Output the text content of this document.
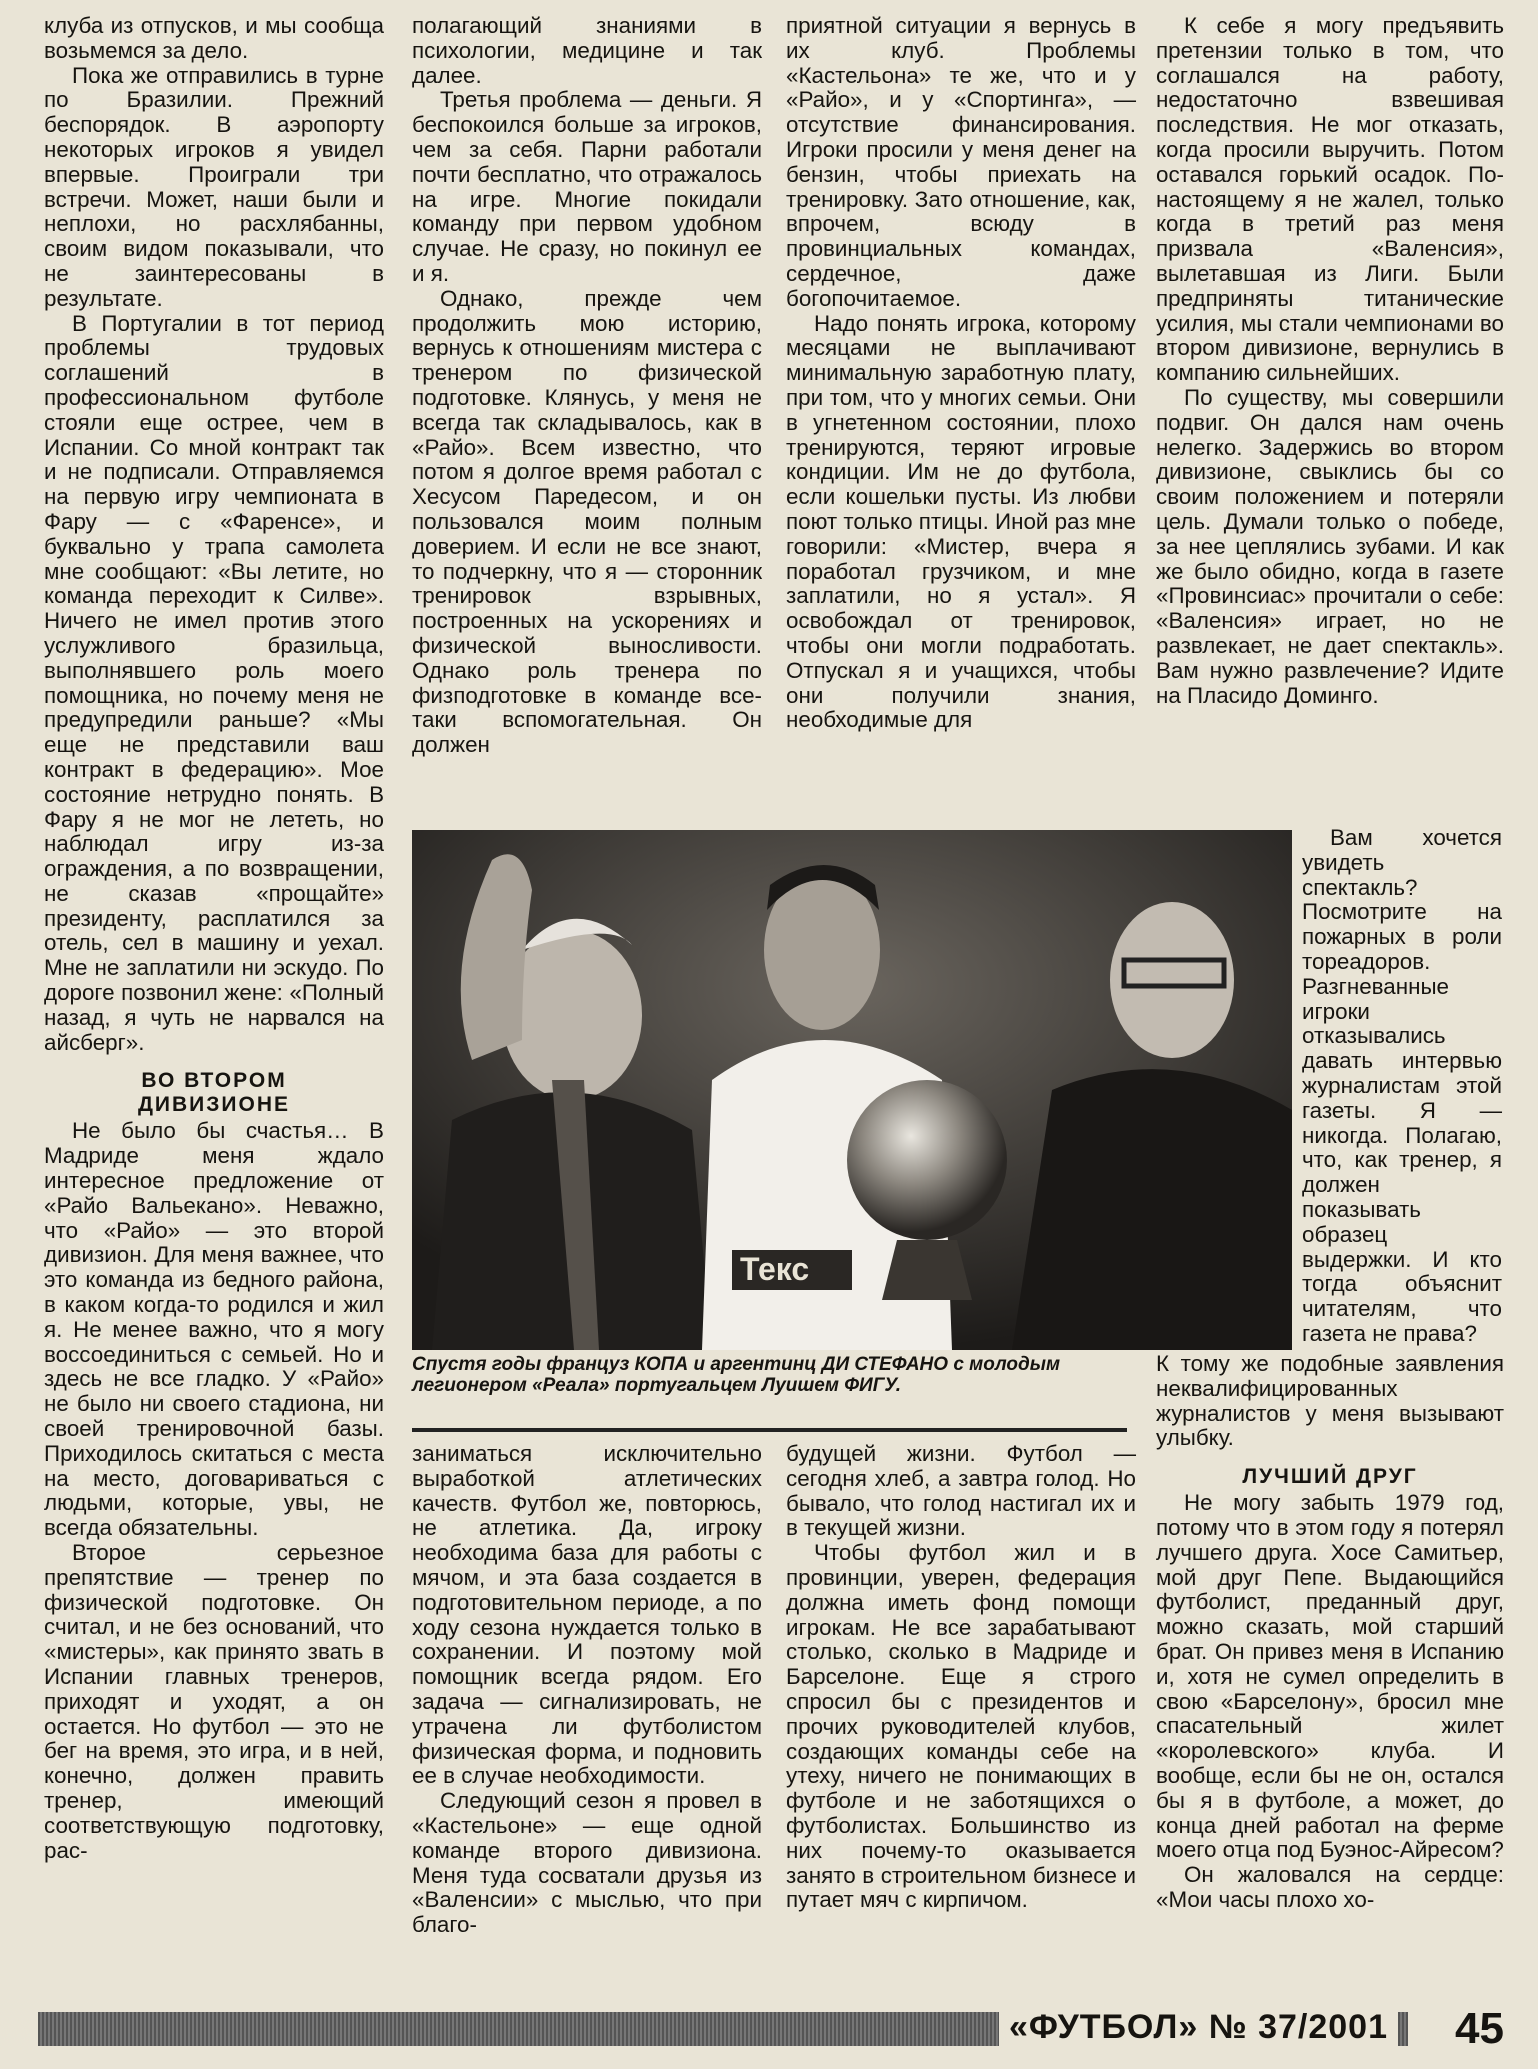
клуба из отпусков, и мы сообща возьмемся за дело.

Пока же отправились в турне по Бразилии. Прежний беспорядок. В аэропорту некоторых игроков я увидел впервые. Проиграли три встречи. Может, наши были и неплохи, но расхлябанны, своим видом показывали, что не заинтересованы в результате.

В Португалии в тот период проблемы трудовых соглашений в профессиональном футболе стояли еще острее, чем в Испании. Со мной контракт так и не подписали. Отправляемся на первую игру чемпионата в Фару — с «Фаренсе», и буквально у трапа самолета мне сообщают: «Вы летите, но команда переходит к Силве». Ничего не имел против этого услужливого бразильца, выполнявшего роль моего помощника, но почему меня не предупредили раньше? «Мы еще не представили ваш контракт в федерацию». Мое состояние нетрудно понять. В Фару я не мог не лететь, но наблюдал игру из-за ограждения, а по возвращении, не сказав «прощайте» президенту, расплатился за отель, сел в машину и уехал. Мне не заплатили ни эскудо. По дороге позвонил жене: «Полный назад, я чуть не нарвался на айсберг».

ВО ВТОРОМ
ДИВИЗИОНЕ

Не было бы счастья… В Мадриде меня ждало интересное предложение от «Райо Вальекано». Неважно, что «Райо» — это второй дивизион. Для меня важнее, что это команда из бедного района, в каком когда-то родился и жил я. Не менее важно, что я могу воссоединиться с семьей. Но и здесь не все гладко. У «Райо» не было ни своего стадиона, ни своей тренировочной базы. Приходилось скитаться с места на место, договариваться с людьми, которые, увы, не всегда обязательны.

Второе серьезное препятствие — тренер по физической подготовке. Он считал, и не без оснований, что «мистеры», как принято звать в Испании главных тренеров, приходят и уходят, а он остается. Но футбол — это не бег на время, это игра, и в ней, конечно, должен править тренер, имеющий соответствующую подготовку, рас-

полагающий знаниями в психологии, медицине и так далее.

Третья проблема — деньги. Я беспокоился больше за игроков, чем за себя. Парни работали почти бесплатно, что отражалось на игре. Многие покидали команду при первом удобном случае. Не сразу, но покинул ее и я.

Однако, прежде чем продолжить мою историю, вернусь к отношениям мистера с тренером по физической подготовке. Клянусь, у меня не всегда так складывалось, как в «Райо». Всем известно, что потом я долгое время работал с Хесусом Паредесом, и он пользовался моим полным доверием. И если не все знают, то подчеркну, что я — сторонник тренировок взрывных, построенных на ускорениях и физической выносливости. Однако роль тренера по физподготовке в команде все-таки вспомогательная. Он должен

приятной ситуации я вернусь в их клуб. Проблемы «Кастельона» те же, что и у «Райо», и у «Спортинга», — отсутствие финансирования. Игроки просили у меня денег на бензин, чтобы приехать на тренировку. Зато отношение, как, впрочем, всюду в провинциальных командах, сердечное, даже богопочитаемое.

Надо понять игрока, которому месяцами не выплачивают минимальную заработную плату, при том, что у многих семьи. Они в угнетенном состоянии, плохо тренируются, теряют игровые кондиции. Им не до футбола, если кошельки пусты. Из любви поют только птицы. Иной раз мне говорили: «Мистер, вчера я поработал грузчиком, и мне заплатили, но я устал». Я освобождал от тренировок, чтобы они могли подработать. Отпускал я и учащихся, чтобы они получили знания, необходимые для

К себе я могу предъявить претензии только в том, что соглашался на работу, недостаточно взвешивая последствия. Не мог отказать, когда просили выручить. Потом оставался горький осадок. По-настоящему я не жалел, только когда в третий раз меня призвала «Валенсия», вылетавшая из Лиги. Были предприняты титанические усилия, мы стали чемпионами во втором дивизионе, вернулись в компанию сильнейших.

По существу, мы совершили подвиг. Он дался нам очень нелегко. Задержись во втором дивизионе, свыклись бы со своим положением и потеряли цель. Думали только о победе, за нее цеплялись зубами. И как же было обидно, когда в газете «Провинсиас» прочитали о себе: «Валенсия» играет, но не развлекает, не дает спектакль». Вам нужно развлечение? Идите на Пласидо Доминго.

Вам хочется увидеть спектакль? Посмотрите на пожарных в роли тореадоров. Разгневанные игроки отказывались давать интервью журналистам этой газеты. Я — никогда. Полагаю, что, как тренер, я должен показывать образец выдержки. И кто тогда объяснит читателям, что газета не права?

К тому же подобные заявления неквалифицированных журналистов у меня вызывают улыбку.

ЛУЧШИЙ ДРУГ

Не могу забыть 1979 год, потому что в этом году я потерял лучшего друга. Хосе Самитьер, мой друг Пепе. Выдающийся футболист, преданный друг, можно сказать, мой старший брат. Он привез меня в Испанию и, хотя не сумел определить в свою «Барселону», бросил мне спасательный жилет «королевского» клуба. И вообще, если бы не он, остался бы я в футболе, а может, до конца дней работал на ферме моего отца под Буэнос-Айресом?

Он жаловался на сердце: «Мои часы плохо хо-

Текс
Спустя годы француз КОПА и аргентинц ДИ СТЕФАНО с молодым легионером «Реала» португальцем Луишем ФИГУ.

заниматься исключительно выработкой атлетических качеств. Футбол же, повторюсь, не атлетика. Да, игроку необходима база для работы с мячом, и эта база создается в подготовительном периоде, а по ходу сезона нуждается только в сохранении. И поэтому мой помощник всегда рядом. Его задача — сигнализировать, не утрачена ли футболистом физическая форма, и подновить ее в случае необходимости.

Следующий сезон я провел в «Кастельоне» — еще одной команде второго дивизиона. Меня туда сосватали друзья из «Валенсии» с мыслью, что при благо-

будущей жизни. Футбол — сегодня хлеб, а завтра голод. Но бывало, что голод настигал их и в текущей жизни.

Чтобы футбол жил и в провинции, уверен, федерация должна иметь фонд помощи игрокам. Не все зарабатывают столько, сколько в Мадриде и Барселоне. Еще я строго спросил бы с президентов и прочих руководителей клубов, создающих команды себе на утеху, ничего не понимающих в футболе и не заботящихся о футболистах. Большинство из них почему-то оказывается занято в строительном бизнесе и путает мяч с кирпичом.

«ФУТБОЛ» № 37/2001 45
